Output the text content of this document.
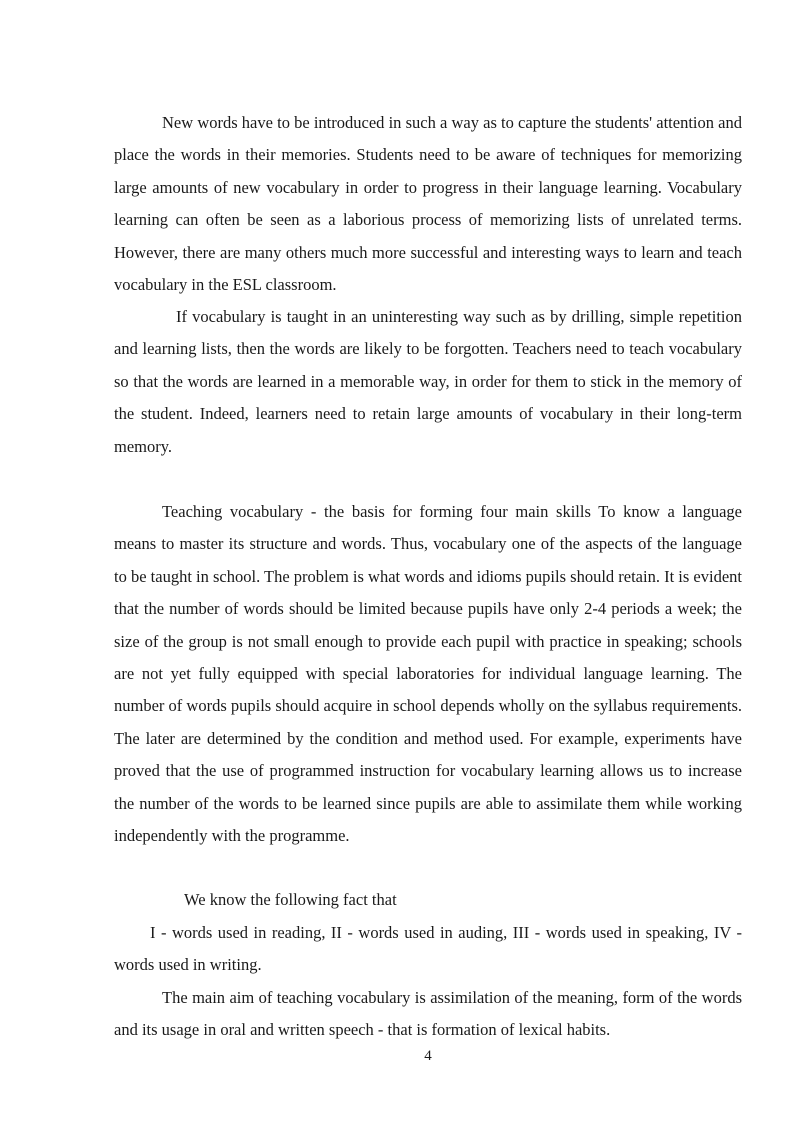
New words have to be introduced in such a way as to capture the students' attention and place the words in their memories. Students need to be aware of techniques for memorizing large amounts of new vocabulary in order to progress in their language learning. Vocabulary learning can often be seen as a laborious process of memorizing lists of unrelated terms. However, there are many others much more successful and interesting ways to learn and teach vocabulary in the ESL classroom.

If vocabulary is taught in an uninteresting way such as by drilling, simple repetition and learning lists, then the words are likely to be forgotten. Teachers need to teach vocabulary so that the words are learned in a memorable way, in order for them to stick in the memory of the student. Indeed, learners need to retain large amounts of vocabulary in their long-term memory.

Teaching vocabulary - the basis for forming four main skills To know a language means to master its structure and words. Thus, vocabulary one of the aspects of the language to be taught in school. The problem is what words and idioms pupils should retain. It is evident that the number of words should be limited because pupils have only 2-4 periods a week; the size of the group is not small enough to provide each pupil with practice in speaking; schools are not yet fully equipped with special laboratories for individual language learning. The number of words pupils should acquire in school depends wholly on the syllabus requirements. The later are determined by the condition and method used. For example, experiments have proved that the use of programmed instruction for vocabulary learning allows us to increase the number of the words to be learned since pupils are able to assimilate them while working independently with the programme.

We know the following fact that

I - words used in reading, II - words used in auding, III - words used in speaking, IV - words used in writing.

The main aim of teaching vocabulary is assimilation of the meaning, form of the words and its usage in oral and written speech - that is formation of lexical habits.

4
